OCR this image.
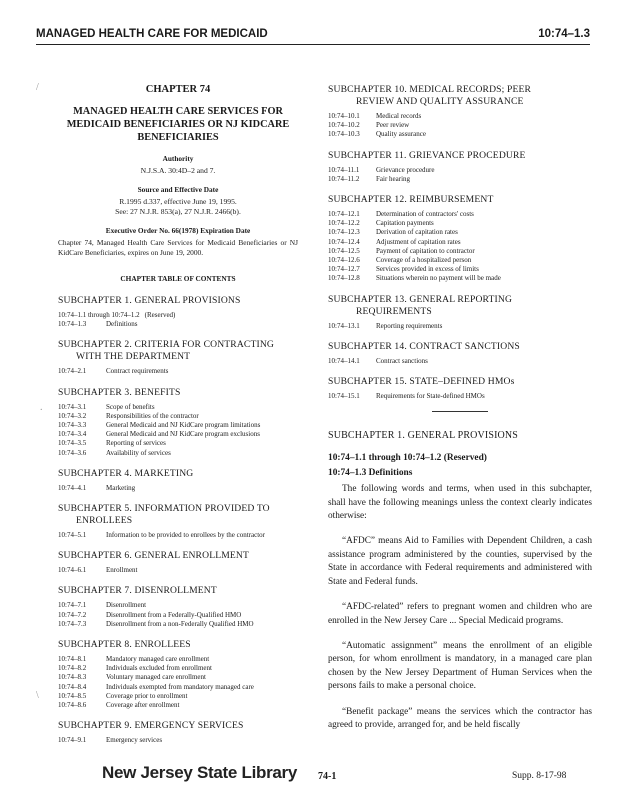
MANAGED HEALTH CARE FOR MEDICAID	10:74–1.3
/
.
\
CHAPTER 74
MANAGED HEALTH CARE SERVICES FOR MEDICAID BENEFICIARIES OR NJ KIDCARE BENEFICIARIES
Authority
N.J.S.A. 30:4D–2 and 7.
Source and Effective Date
R.1995 d.337, effective June 19, 1995.
See: 27 N.J.R. 853(a), 27 N.J.R. 2466(b).
Executive Order No. 66(1978) Expiration Date
Chapter 74, Managed Health Care Services for Medicaid Beneficiaries or NJ KidCare Beneficiaries, expires on June 19, 2000.
CHAPTER TABLE OF CONTENTS
SUBCHAPTER 1. GENERAL PROVISIONS
10:74–1.1 through 10:74–1.2 (Reserved)
10:74–1.3	Definitions
SUBCHAPTER 2. CRITERIA FOR CONTRACTING
WITH THE DEPARTMENT
10:74–2.1	Contract requirements
SUBCHAPTER 3. BENEFITS
10:74–3.1	Scope of benefits
10:74–3.2	Responsibilities of the contractor
10:74–3.3	General Medicaid and NJ KidCare program limitations
10:74–3.4	General Medicaid and NJ KidCare program exclusions
10:74–3.5	Reporting of services
10:74–3.6	Availability of services
SUBCHAPTER 4. MARKETING
10:74–4.1	Marketing
SUBCHAPTER 5. INFORMATION PROVIDED TO
ENROLLEES
10:74–5.1	Information to be provided to enrollees by the contractor
SUBCHAPTER 6. GENERAL ENROLLMENT
10:74–6.1	Enrollment
SUBCHAPTER 7. DISENROLLMENT
10:74–7.1	Disenrollment
10:74–7.2	Disenrollment from a Federally-Qualified HMO
10:74–7.3	Disenrollment from a non-Federally Qualified HMO
SUBCHAPTER 8. ENROLLEES
10:74–8.1	Mandatory managed care enrollment
10:74–8.2	Individuals excluded from enrollment
10:74–8.3	Voluntary managed care enrollment
10:74–8.4	Individuals exempted from mandatory managed care
10:74–8.5	Coverage prior to enrollment
10:74–8.6	Coverage after enrollment
SUBCHAPTER 9. EMERGENCY SERVICES
10:74–9.1	Emergency services
SUBCHAPTER 10. MEDICAL RECORDS; PEER
REVIEW AND QUALITY ASSURANCE
10:74–10.1	Medical records
10:74–10.2	Peer review
10:74–10.3	Quality assurance
SUBCHAPTER 11. GRIEVANCE PROCEDURE
10:74–11.1	Grievance procedure
10:74–11.2	Fair hearing
SUBCHAPTER 12. REIMBURSEMENT
10:74–12.1	Determination of contractors' costs
10:74–12.2	Capitation payments
10:74–12.3	Derivation of capitation rates
10:74–12.4	Adjustment of capitation rates
10:74–12.5	Payment of capitation to contractor
10:74–12.6	Coverage of a hospitalized person
10:74–12.7	Services provided in excess of limits
10:74–12.8	Situations wherein no payment will be made
SUBCHAPTER 13. GENERAL REPORTING
REQUIREMENTS
10:74–13.1	Reporting requirements
SUBCHAPTER 14. CONTRACT SANCTIONS
10:74–14.1	Contract sanctions
SUBCHAPTER 15. STATE–DEFINED HMOs
10:74–15.1	Requirements for State-defined HMOs
SUBCHAPTER 1. GENERAL PROVISIONS
10:74–1.1 through 10:74–1.2 (Reserved)
10:74–1.3 Definitions

The following words and terms, when used in this subchapter, shall have the following meanings unless the context clearly indicates otherwise:

“AFDC” means Aid to Families with Dependent Children, a cash assistance program administered by the counties, supervised by the State in accordance with Federal requirements and administered with State and Federal funds.

“AFDC-related” refers to pregnant women and children who are enrolled in the New Jersey Care ... Special Medicaid programs.

“Automatic assignment” means the enrollment of an eligible person, for whom enrollment is mandatory, in a managed care plan chosen by the New Jersey Department of Human Services when the persons fails to make a personal choice.

“Benefit package” means the services which the contractor has agreed to provide, arranged for, and be held fiscally

New Jersey State Library 74-1	Supp. 8-17-98
